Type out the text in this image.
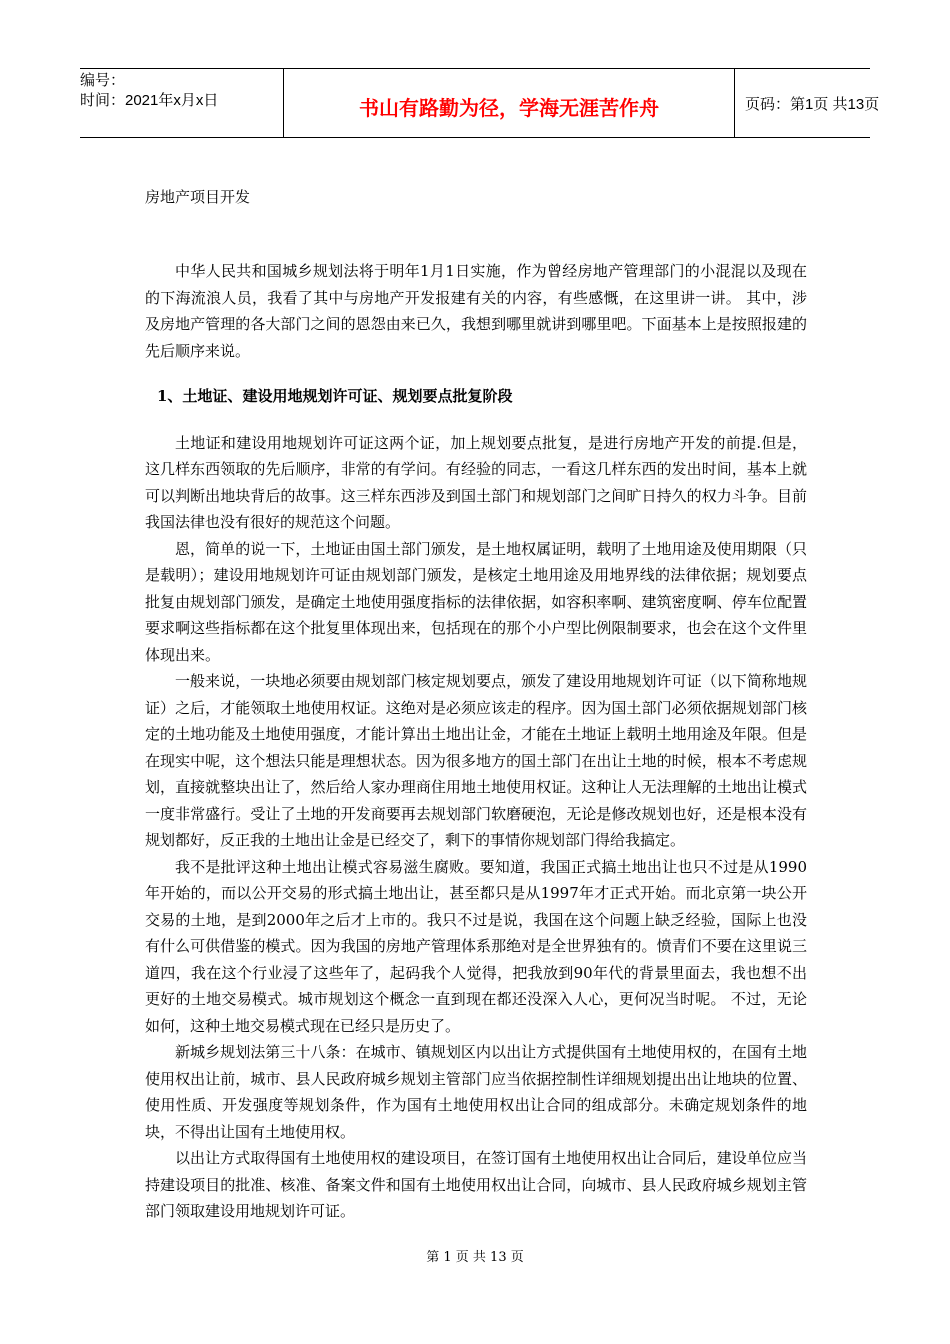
编号：
时间：2021年x月x日	书山有路勤为径，学海无涯苦作舟	页码：第1页 共13页
房地产项目开发

中华人民共和国城乡规划法将于明年1月1日实施，作为曾经房地产管理部门的小混混以及现在的下海流浪人员，我看了其中与房地产开发报建有关的内容，有些感慨，在这里讲一讲。 其中，涉及房地产管理的各大部门之间的恩怨由来已久，我想到哪里就讲到哪里吧。下面基本上是按照报建的先后顺序来说。

1、土地证、建设用地规划许可证、规划要点批复阶段

土地证和建设用地规划许可证这两个证，加上规划要点批复，是进行房地产开发的前提.但是，这几样东西领取的先后顺序，非常的有学问。有经验的同志，一看这几样东西的发出时间，基本上就可以判断出地块背后的故事。这三样东西涉及到国土部门和规划部门之间旷日持久的权力斗争。目前我国法律也没有很好的规范这个问题。

恩，简单的说一下，土地证由国土部门颁发，是土地权属证明，载明了土地用途及使用期限（只是载明）；建设用地规划许可证由规划部门颁发，是核定土地用途及用地界线的法律依据；规划要点批复由规划部门颁发，是确定土地使用强度指标的法律依据，如容积率啊、建筑密度啊、停车位配置要求啊这些指标都在这个批复里体现出来，包括现在的那个小户型比例限制要求，也会在这个文件里体现出来。

一般来说，一块地必须要由规划部门核定规划要点，颁发了建设用地规划许可证（以下简称地规证）之后，才能领取土地使用权证。这绝对是必须应该走的程序。因为国土部门必须依据规划部门核定的土地功能及土地使用强度，才能计算出土地出让金，才能在土地证上载明土地用途及年限。但是在现实中呢，这个想法只能是理想状态。因为很多地方的国土部门在出让土地的时候，根本不考虑规划，直接就整块出让了，然后给人家办理商住用地土地使用权证。这种让人无法理解的土地出让模式一度非常盛行。受让了土地的开发商要再去规划部门软磨硬泡，无论是修改规划也好，还是根本没有规划都好，反正我的土地出让金是已经交了，剩下的事情你规划部门得给我搞定。

我不是批评这种土地出让模式容易滋生腐败。要知道，我国正式搞土地出让也只不过是从1990年开始的，而以公开交易的形式搞土地出让，甚至都只是从1997年才正式开始。而北京第一块公开交易的土地，是到2000年之后才上市的。我只不过是说，我国在这个问题上缺乏经验，国际上也没有什么可供借鉴的模式。因为我国的房地产管理体系那绝对是全世界独有的。愤青们不要在这里说三道四，我在这个行业浸了这些年了，起码我个人觉得，把我放到90年代的背景里面去，我也想不出更好的土地交易模式。城市规划这个概念一直到现在都还没深入人心，更何况当时呢。 不过，无论如何，这种土地交易模式现在已经只是历史了。

新城乡规划法第三十八条：在城市、镇规划区内以出让方式提供国有土地使用权的，在国有土地使用权出让前，城市、县人民政府城乡规划主管部门应当依据控制性详细规划提出出让地块的位置、使用性质、开发强度等规划条件，作为国有土地使用权出让合同的组成部分。未确定规划条件的地块，不得出让国有土地使用权。

以出让方式取得国有土地使用权的建设项目，在签订国有土地使用权出让合同后，建设单位应当持建设项目的批准、核准、备案文件和国有土地使用权出让合同，向城市、县人民政府城乡规划主管部门领取建设用地规划许可证。

第 1 页 共 13 页
